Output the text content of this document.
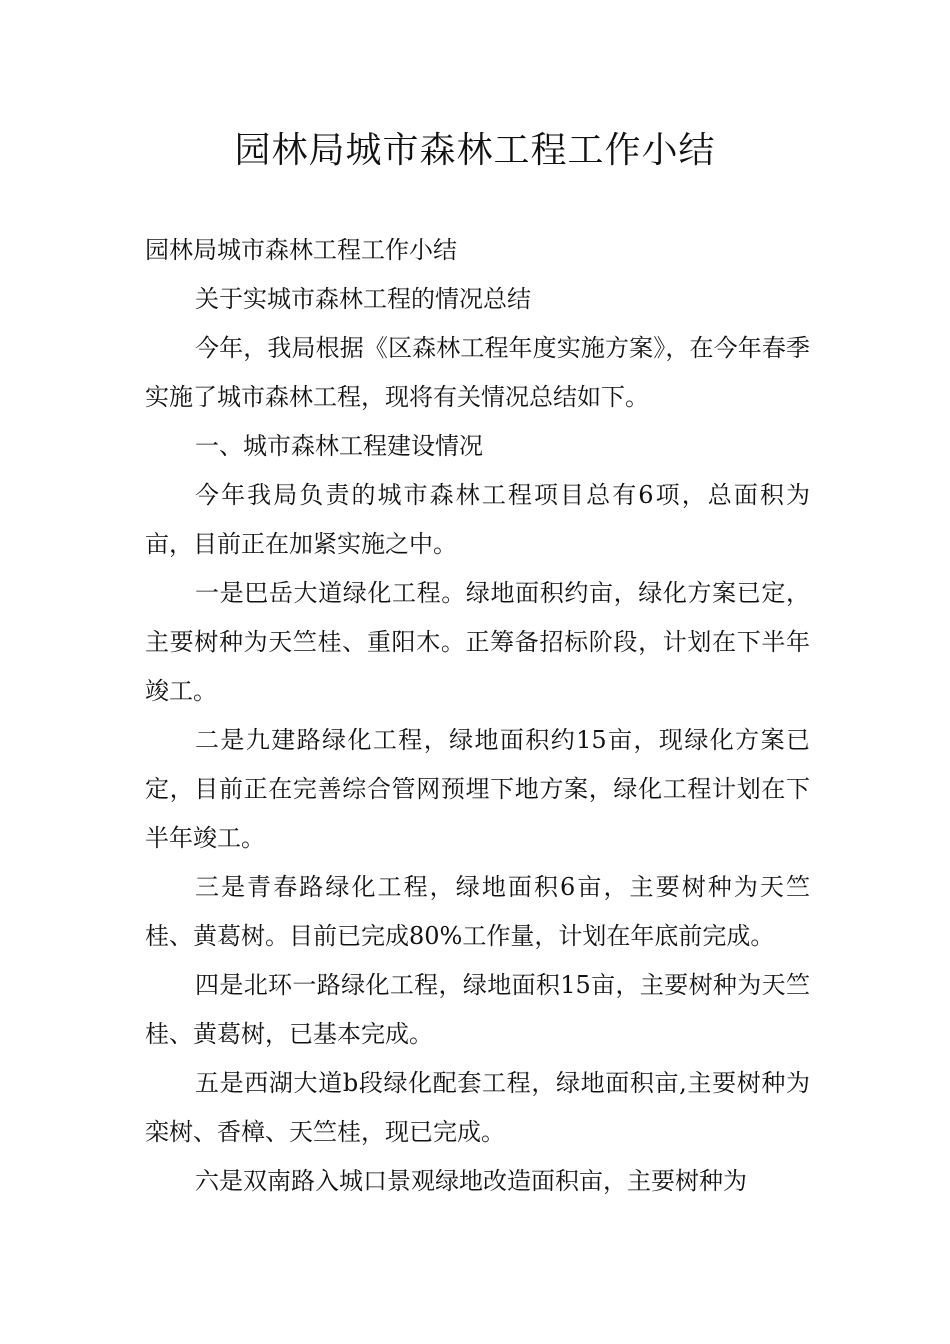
园林局城市森林工程工作小结

园林局城市森林工程工作小结

关于实城市森林工程的情况总结

今年，我局根据《区森林工程年度实施方案》，在今年春季实施了城市森林工程，现将有关情况总结如下。

一、城市森林工程建设情况

今年我局负责的城市森林工程项目总有6项，总面积为亩，目前正在加紧实施之中。

一是巴岳大道绿化工程。绿地面积约亩，绿化方案已定，主要树种为天竺桂、重阳木。正筹备招标阶段，计划在下半年竣工。

二是九建路绿化工程，绿地面积约15亩，现绿化方案已定，目前正在完善综合管网预埋下地方案，绿化工程计划在下半年竣工。

三是青春路绿化工程，绿地面积6亩，主要树种为天竺桂、黄葛树。目前已完成80%工作量，计划在年底前完成。

四是北环一路绿化工程，绿地面积15亩，主要树种为天竺桂、黄葛树，已基本完成。

五是西湖大道b段绿化配套工程，绿地面积亩,主要树种为栾树、香樟、天竺桂，现已完成。

六是双南路入城口景观绿地改造面积亩，主要树种为
